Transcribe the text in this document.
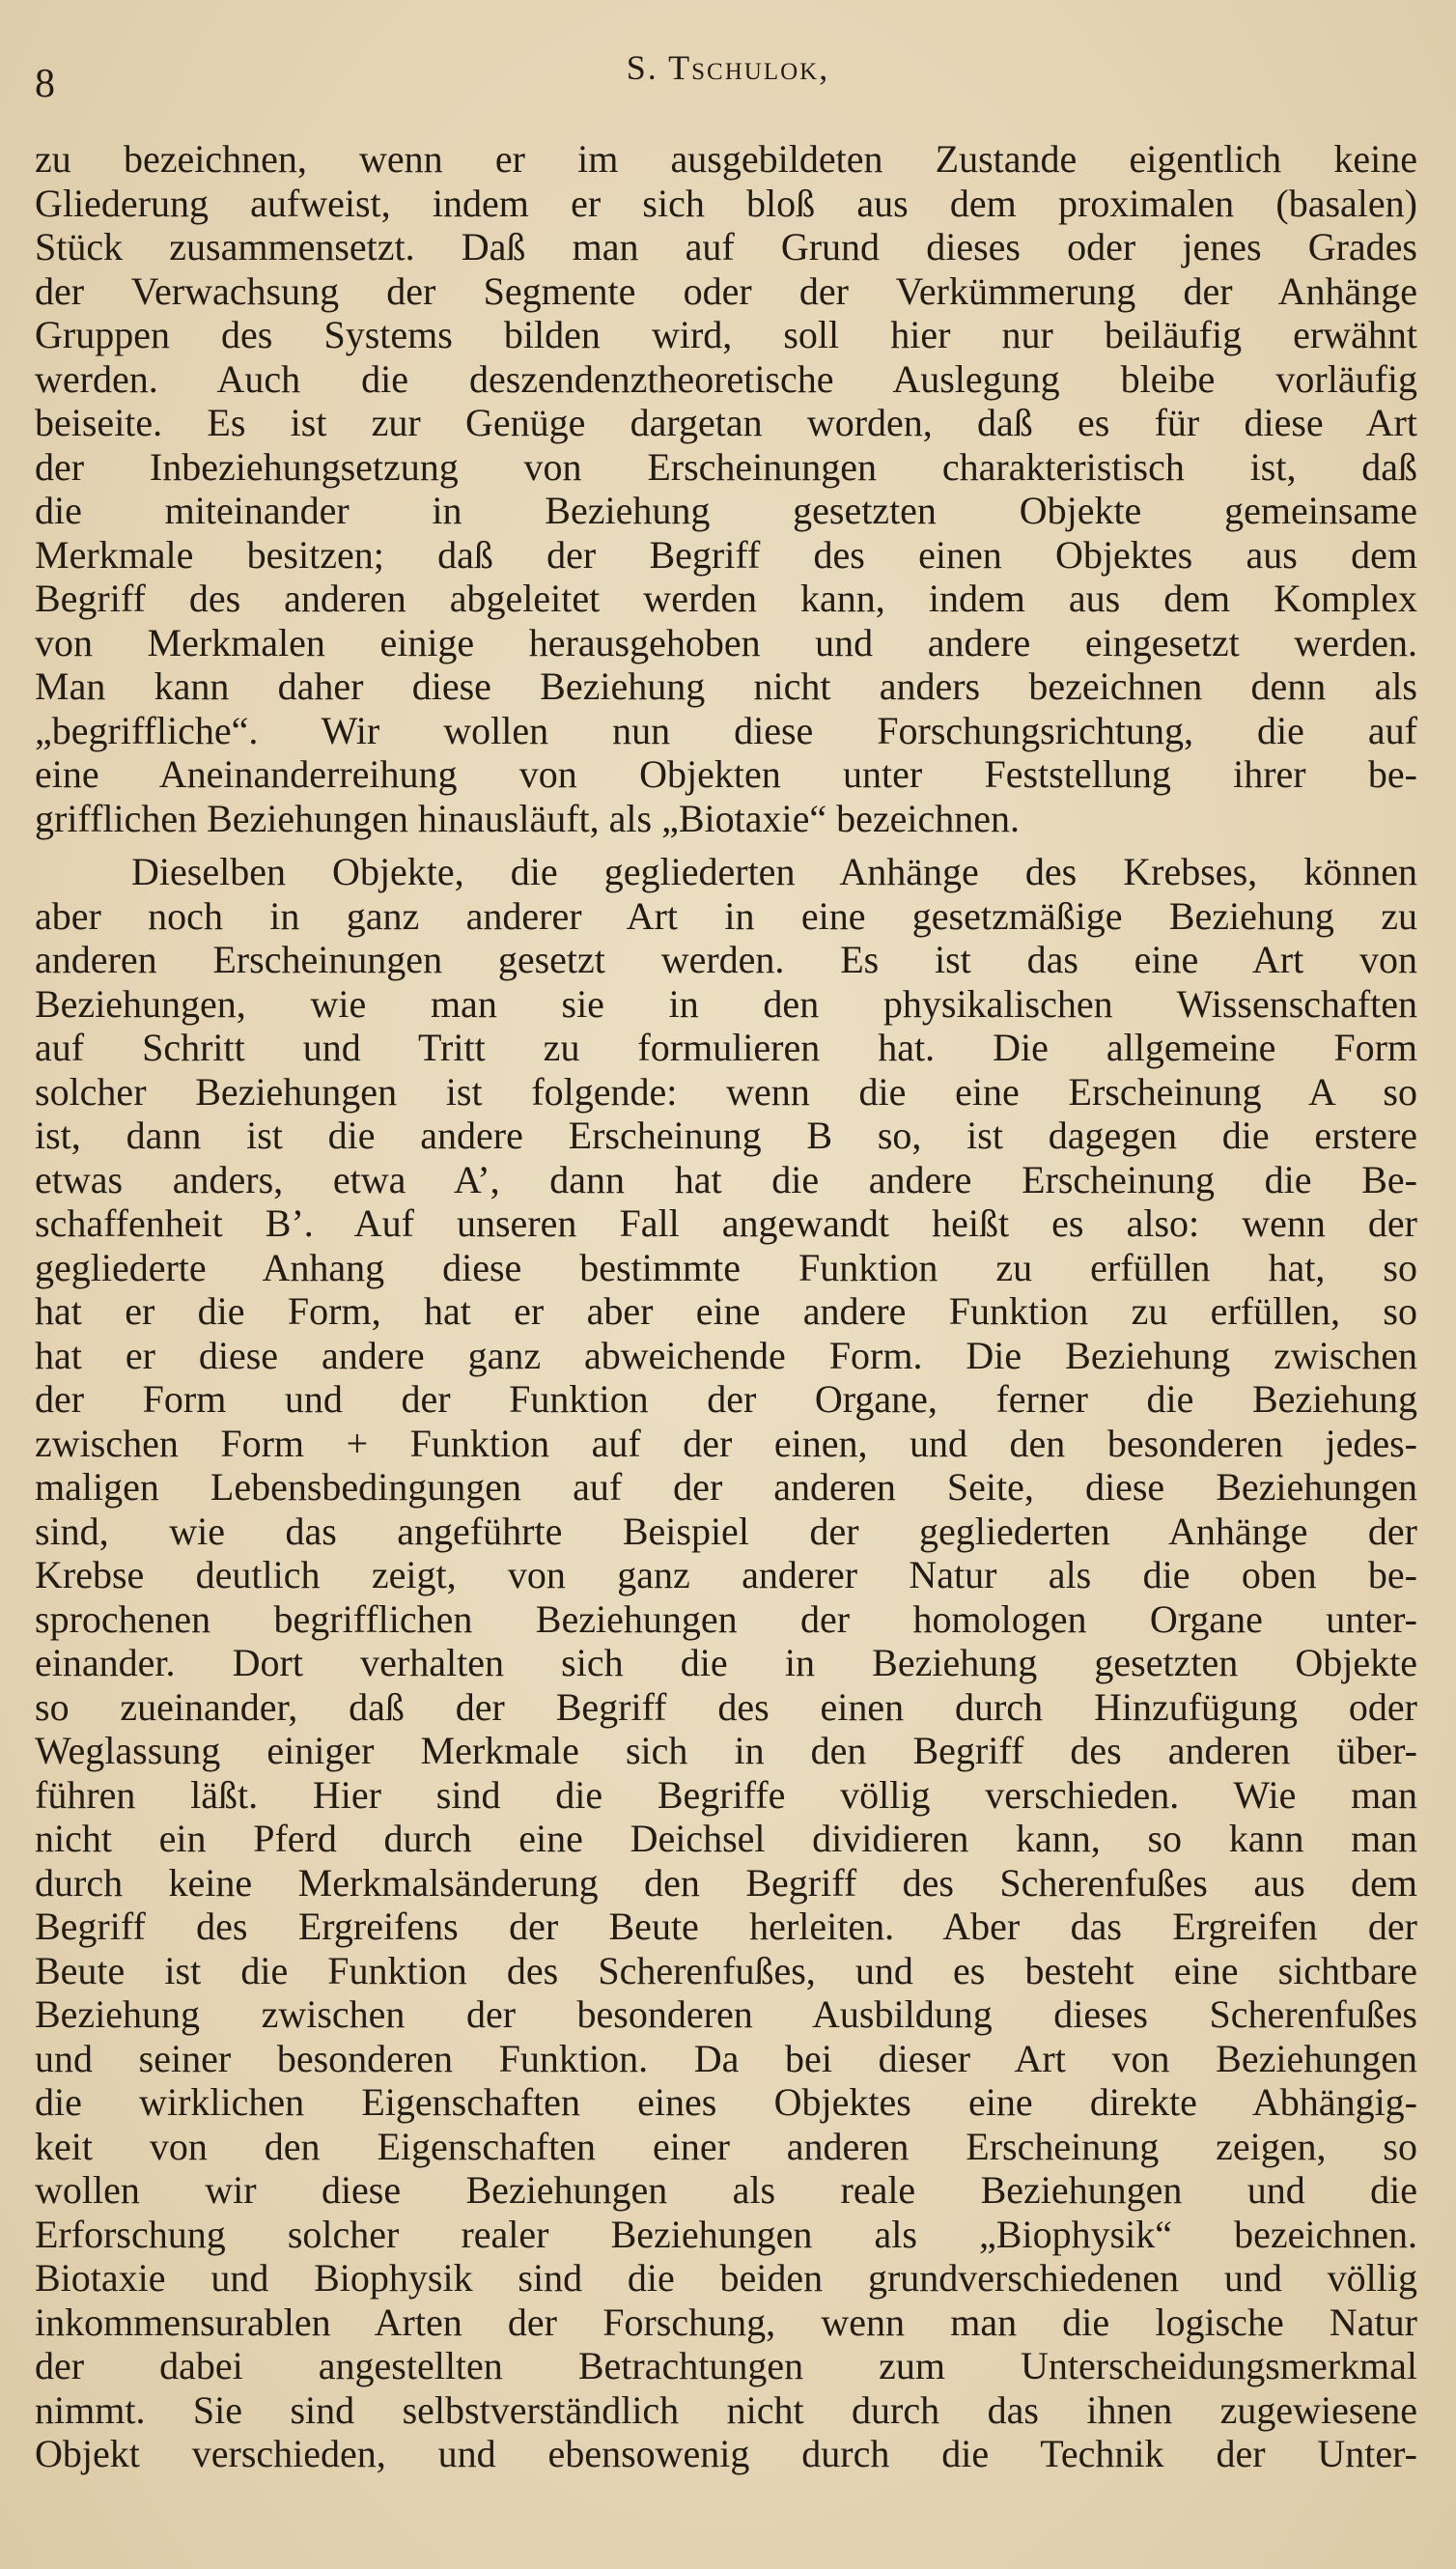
8	S. Tschulok,
zu bezeichnen, wenn er im ausgebildeten Zustande eigentlich keine
Gliederung aufweist, indem er sich bloß aus dem proximalen (basalen)
Stück zusammensetzt. Daß man auf Grund dieses oder jenes Grades
der Verwachsung der Segmente oder der Verkümmerung der Anhänge
Gruppen des Systems bilden wird, soll hier nur beiläufig erwähnt
werden. Auch die deszendenztheoretische Auslegung bleibe vorläufig
beiseite. Es ist zur Genüge dargetan worden, daß es für diese Art
der Inbeziehungsetzung von Erscheinungen charakteristisch ist, daß
die miteinander in Beziehung gesetzten Objekte gemeinsame
Merkmale besitzen; daß der Begriff des einen Objektes aus dem
Begriff des anderen abgeleitet werden kann, indem aus dem Komplex
von Merkmalen einige herausgehoben und andere eingesetzt werden.
Man kann daher diese Beziehung nicht anders bezeichnen denn als
„begriffliche“. Wir wollen nun diese Forschungsrichtung, die auf
eine Aneinanderreihung von Objekten unter Feststellung ihrer be-
grifflichen Beziehungen hinausläuft, als „Biotaxie“ bezeichnen.
Dieselben Objekte, die gegliederten Anhänge des Krebses, können
aber noch in ganz anderer Art in eine gesetzmäßige Beziehung zu
anderen Erscheinungen gesetzt werden. Es ist das eine Art von
Beziehungen, wie man sie in den physikalischen Wissenschaften
auf Schritt und Tritt zu formulieren hat. Die allgemeine Form
solcher Beziehungen ist folgende: wenn die eine Erscheinung A so
ist, dann ist die andere Erscheinung B so, ist dagegen die erstere
etwas anders, etwa A’, dann hat die andere Erscheinung die Be-
schaffenheit B’. Auf unseren Fall angewandt heißt es also: wenn der
gegliederte Anhang diese bestimmte Funktion zu erfüllen hat, so
hat er die Form, hat er aber eine andere Funktion zu erfüllen, so
hat er diese andere ganz abweichende Form. Die Beziehung zwischen
der Form und der Funktion der Organe, ferner die Beziehung
zwischen Form + Funktion auf der einen, und den besonderen jedes-
maligen Lebensbedingungen auf der anderen Seite, diese Beziehungen
sind, wie das angeführte Beispiel der gegliederten Anhänge der
Krebse deutlich zeigt, von ganz anderer Natur als die oben be-
sprochenen begrifflichen Beziehungen der homologen Organe unter-
einander. Dort verhalten sich die in Beziehung gesetzten Objekte
so zueinander, daß der Begriff des einen durch Hinzufügung oder
Weglassung einiger Merkmale sich in den Begriff des anderen über-
führen läßt. Hier sind die Begriffe völlig verschieden. Wie man
nicht ein Pferd durch eine Deichsel dividieren kann, so kann man
durch keine Merkmalsänderung den Begriff des Scherenfußes aus dem
Begriff des Ergreifens der Beute herleiten. Aber das Ergreifen der
Beute ist die Funktion des Scherenfußes, und es besteht eine sichtbare
Beziehung zwischen der besonderen Ausbildung dieses Scherenfußes
und seiner besonderen Funktion. Da bei dieser Art von Beziehungen
die wirklichen Eigenschaften eines Objektes eine direkte Abhängig-
keit von den Eigenschaften einer anderen Erscheinung zeigen, so
wollen wir diese Beziehungen als reale Beziehungen und die
Erforschung solcher realer Beziehungen als „Biophysik“ bezeichnen.
Biotaxie und Biophysik sind die beiden grundverschiedenen und völlig
inkommensurablen Arten der Forschung, wenn man die logische Natur
der dabei angestellten Betrachtungen zum Unterscheidungsmerkmal
nimmt. Sie sind selbstverständlich nicht durch das ihnen zugewiesene
Objekt verschieden, und ebensowenig durch die Technik der Unter-
